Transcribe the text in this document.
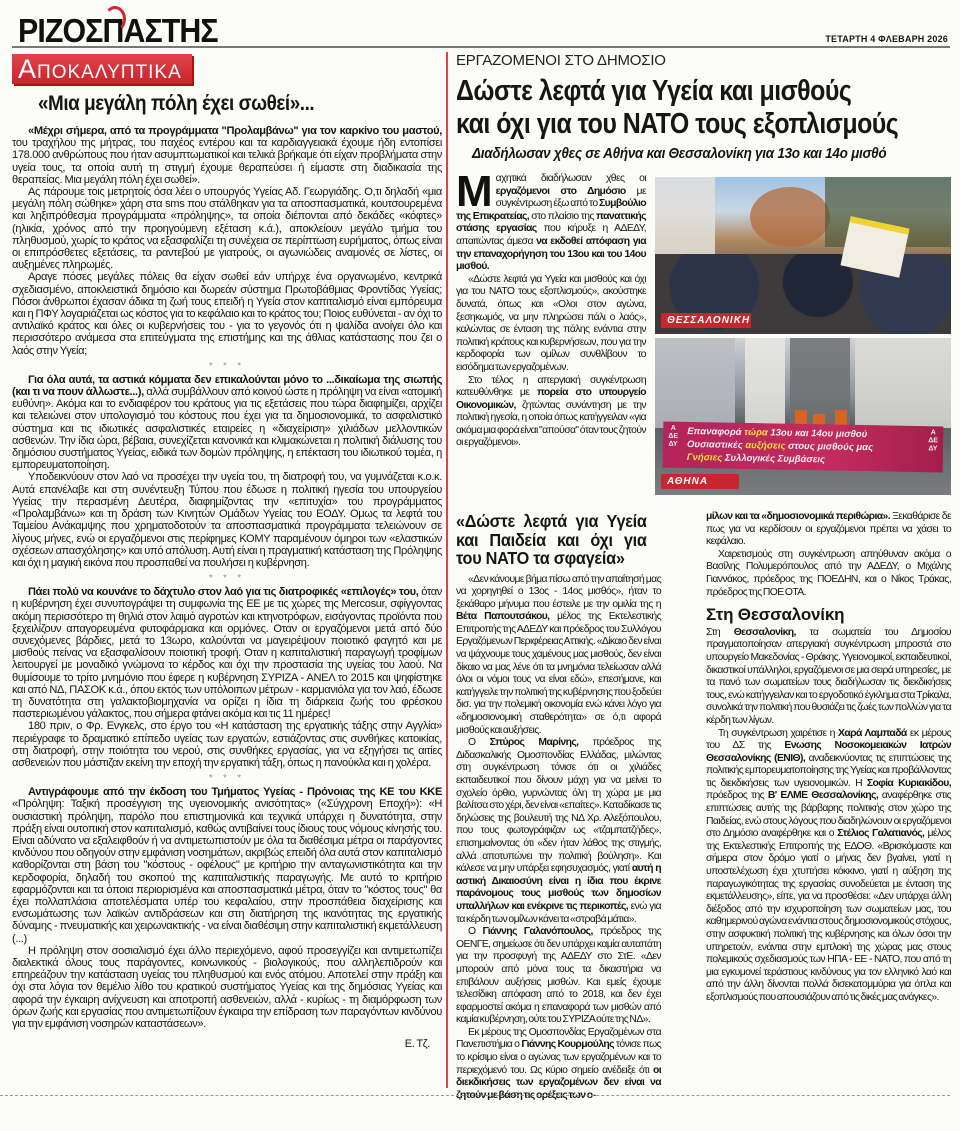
ΡΙΖΟΣΠΑΣΤΗΣ	ΤΕΤΑΡΤΗ 4 ΦΛΕΒΑΡΗ 2026
Αποκαλυπτικα
«Μια μεγάλη πόλη έχει σωθεί»...

«Μέχρι σήμερα, από τα προγράμματα "Προλαμβάνω" για τον καρκίνο του μαστού, του τραχήλου της μήτρας, του παχέος εντέρου και τα καρδιαγγειακά έχουμε ήδη εντοπίσει 178.000 ανθρώπους που ήταν ασυμπτωματικοί και τελικά βρήκαμε ότι είχαν προβλήματα στην υγεία τους, τα οποία αυτή τη στιγμή έχουμε θεραπεύσει ή είμαστε στη διαδικασία της θεραπείας. Μια μεγάλη πόλη έχει σωθεί».

Ας πάρουμε τοις μετρητοίς όσα λέει ο υπουργός Υγείας Αδ. Γεωργιάδης. Ο,τι δηλαδή «μια μεγάλη πόλη σώθηκε» χάρη στα sms που στάλθηκαν για τα αποσπασματικά, κουτσουρεμένα και ληξιπρόθεσμα προγράμματα «πρόληψης», τα οποία διέπονται από δεκάδες «κόφτες» (ηλικία, χρόνος από την προηγούμενη εξέταση κ.ά.), αποκλείουν μεγάλο τμήμα του πληθυσμού, χωρίς το κράτος να εξασφαλίζει τη συνέχεια σε περίπτωση ευρήματος, όπως είναι οι επιπρόσθετες εξετάσεις, τα ραντεβού με γιατρούς, οι αγωνιώδεις αναμονές σε λίστες, οι αυξημένες πληρωμές.

Αραγε πόσες μεγάλες πόλεις θα είχαν σωθεί εάν υπήρχε ένα οργανωμένο, κεντρικά σχεδιασμένο, αποκλειστικά δημόσιο και δωρεάν σύστημα Πρωτοβάθμιας Φροντίδας Υγείας; Πόσοι άνθρωποι έχασαν άδικα τη ζωή τους επειδή η Υγεία στον καπιταλισμό είναι εμπόρευμα και η ΠΦΥ λογαριάζεται ως κόστος για το κεφάλαιο και το κράτος του; Ποιος ευθύνεται - αν όχι το αντιλαϊκό κράτος και όλες οι κυβερνήσεις του - για το γεγονός ότι η ψαλίδα ανοίγει όλο και περισσότερο ανάμεσα στα επιτεύγματα της επιστήμης και της άθλιας κατάστασης που ζει ο λαός στην Υγεία;

* * *

Για όλα αυτά, τα αστικά κόμματα δεν επικαλούνται μόνο το ...δικαίωμα της σιωπής (και τι να πουν άλλωστε...), αλλά συμβάλλουν από κοινού ώστε η πρόληψη να είναι «ατομική ευθύνη». Ακόμα και το ενδιαφέρον του κράτους για τις εξετάσεις που τώρα διαφημίζει, αρχίζει και τελειώνει στον υπολογισμό του κόστους που έχει για τα δημοσιονομικά, το ασφαλιστικό σύστημα και τις ιδιωτικές ασφαλιστικές εταιρείες η «διαχείριση» χιλιάδων μελλοντικών ασθενών. Την ίδια ώρα, βέβαια, συνεχίζεται κανονικά και κλιμακώνεται η πολιτική διάλυσης του δημόσιου συστήματος Υγείας, ειδικά των δομών πρόληψης, η επέκταση του ιδιωτικού τομέα, η εμπορευματοποίηση.

Υποδεικνύουν στον λαό να προσέχει την υγεία του, τη διατροφή του, να γυμνάζεται κ.ο.κ. Αυτά επανέλαβε και στη συνέντευξη Τύπου που έδωσε η πολιτική ηγεσία του υπουργείου Υγείας την περασμένη Δευτέρα, διαφημίζοντας την «επιτυχία» του προγράμματος «Προλαμβάνω» και τη δράση των Κινητών Ομάδων Υγείας του ΕΟΔΥ. Ομως τα λεφτά του Ταμείου Ανάκαμψης που χρηματοδοτούν τα αποσπασματικά προγράμματα τελειώνουν σε λίγους μήνες, ενώ οι εργαζόμενοι στις περίφημες ΚΟΜΥ παραμένουν όμηροι των «ελαστικών σχέσεων απασχόλησης» και υπό απόλυση. Αυτή είναι η πραγματική κατάσταση της Πρόληψης και όχι η μαγική εικόνα που προσπαθεί να πουλήσει η κυβέρνηση.

* * *

Πάει πολύ να κουνάνε το δάχτυλο στον λαό για τις διατροφικές «επιλογές» του, όταν η κυβέρνηση έχει συνυπογράψει τη συμφωνία της ΕΕ με τις χώρες της Mercosur, σφίγγοντας ακόμη περισσότερο τη θηλιά στον λαιμό αγροτών και κτηνοτρόφων, εισάγοντας προϊόντα που ξεχειλίζουν απαγορευμένα φυτοφάρμακα και ορμόνες. Οταν οι εργαζόμενοι μετά από δύο συνεχόμενες βάρδιες, μετά το 13ωρο, καλούνται να μαγειρέψουν ποιοτικό φαγητό και με μισθούς πείνας να εξασφαλίσουν ποιοτική τροφή. Οταν η καπιταλιστική παραγωγή τροφίμων λειτουργεί με μοναδικό γνώμονα το κέρδος και όχι την προστασία της υγείας του λαού. Να θυμίσουμε το τρίτο μνημόνιο που έφερε η κυβέρνηση ΣΥΡΙΖΑ - ΑΝΕΛ το 2015 και ψηφίστηκε και από ΝΔ, ΠΑΣΟΚ κ.ά., όπου εκτός των υπόλοιπων μέτρων - καρμανιόλα για τον λαό, έδωσε τη δυνατότητα στη γαλακτοβιομηχανία να ορίζει η ίδια τη διάρκεια ζωής του φρέσκου παστεριωμένου γάλακτος, που σήμερα φτάνει ακόμα και τις 11 ημέρες!

180 πριν, ο Φρ. Ενγκελς, στο έργο του «Η κατάσταση της εργατικής τάξης στην Αγγλία» περιέγραφε το δραματικό επίπεδο υγείας των εργατών, εστιάζοντας στις συνθήκες κατοικίας, στη διατροφή, στην ποιότητα του νερού, στις συνθήκες εργασίας, για να εξηγήσει τις αιτίες ασθενειών που μάστιζαν εκείνη την εποχή την εργατική τάξη, όπως η πανούκλα και η χολέρα.

* * *

Αντιγράφουμε από την έκδοση του Τμήματος Υγείας - Πρόνοιας της ΚΕ του ΚΚΕ «Πρόληψη: Ταξική προσέγγιση της υγειονομικής ανισότητας» («Σύγχρονη Εποχή»): «Η ουσιαστική πρόληψη, παρόλο που επιστημονικά και τεχνικά υπάρχει η δυνατότητα, στην πράξη είναι ουτοπική στον καπιταλισμό, καθώς αντιβαίνει τους ίδιους τους νόμους κίνησής του. Είναι αδύνατο να εξαλειφθούν ή να αντιμετωπιστούν με όλα τα διαθέσιμα μέτρα οι παράγοντες κινδύνου που οδηγούν στην εμφάνιση νοσημάτων, ακριβώς επειδή όλα αυτά στον καπιταλισμό καθορίζονται στη βάση του "κόστους - οφέλους" με κριτήριο την ανταγωνιστικότητα και την κερδοφορία, δηλαδή του σκοπού της καπιταλιστικής παραγωγής. Με αυτό το κριτήριο εφαρμόζονται και τα όποια περιορισμένα και αποσπασματικά μέτρα, όταν το "κόστος τους" θα έχει πολλαπλάσια αποτελέσματα υπέρ του κεφαλαίου, στην προσπάθεια διαχείρισης και ενσωμάτωσης των λαϊκών αντιδράσεων και στη διατήρηση της ικανότητας της εργατικής δύναμης - πνευματικής και χειρωνακτικής - να είναι διαθέσιμη στην καπιταλιστική εκμετάλλευση (...)

Η πρόληψη στον σοσιαλισμό έχει άλλο περιεχόμενο, αφού προσεγγίζει και αντιμετωπίζει διαλεκτικά όλους τους παράγοντες, κοινωνικούς - βιολογικούς, που αλληλεπιδρούν και επηρεάζουν την κατάσταση υγείας του πληθυσμού και ενός ατόμου. Αποτελεί στην πράξη και όχι στα λόγια τον θεμέλιο λίθο του κρατικού συστήματος Υγείας και της δημόσιας Υγείας και αφορά την έγκαιρη ανίχνευση και αποτροπή ασθενειών, αλλά - κυρίως - τη διαμόρφωση των όρων ζωής και εργασίας που αντιμετωπίζουν έγκαιρα την επίδραση των παραγόντων κινδύνου για την εμφάνιση νοσηρών καταστάσεων».

Ε. Τζ.
ΕΡΓΑΖΟΜΕΝΟΙ ΣΤΟ ΔΗΜΟΣΙΟ
Δώστε λεφτά για Υγεία και μισθούς
και όχι για του ΝΑΤΟ τους εξοπλισμούς
Διαδήλωσαν χθες σε Αθήνα και Θεσσαλονίκη για 13ο και 14ο μισθό
Μ αχητικά διαδήλωσαν χθες οι εργαζόμενοι στο Δημόσιο με συγκέντρωση έξω από το Συμβούλιο της Επικρατείας, στο πλαίσιο της παναττικής στάσης εργασίας που κήρυξε η ΑΔΕΔΥ, απαιτώντας άμεσα να εκδοθεί απόφαση για την επαναχορήγηση του 13ου και του 14ου μισθού.

«Δώστε λεφτά για Υγεία και μισθούς και όχι για του ΝΑΤΟ τους εξοπλισμούς», ακούστηκε δυνατά, όπως και «Ολοι στον αγώνα, ξεσηκωμός, να μην πληρώσει πάλι ο λαός», καλώντας σε ένταση της πάλης ενάντια στην πολιτική κράτους και κυβερνήσεων, που για την κερδοφορία των ομίλων συνθλίβουν το εισόδημα των εργαζομένων.

Στο τέλος η απεργιακή συγκέντρωση κατευθύνθηκε με πορεία στο υπουργείο Οικονομικών, ζητώντας συνάντηση με την πολιτική ηγεσία, η οποία όπως κατήγγειλαν «για ακόμα μια φορά είναι "απούσα" όταν τους ζητούν οι εργαζόμενοι».

ΘΕΣΣΑΛΟΝΙΚΗ
ΑΔΕΔΥ
ΑΔΕΔΥ
Επαναφορά τώρα 13ου και 14ου μισθού
Ουσιαστικές αυξήσεις στους μισθούς μας
Γνήσιες Συλλογικές Συμβάσεις
ΑΘΗΝΑ
«Δώστε λεφτά για Υγεία και Παιδεία και όχι για του ΝΑΤΟ τα σφαγεία»

«Δεν κάνουμε βήμα πίσω από την απαίτησή μας να χορηγηθεί ο 13ος - 14ος μισθός», ήταν το ξεκάθαρο μήνυμα που έστειλε με την ομιλία της η Βέτα Παπουτσάκου, μέλος της Εκτελεστικής Επιτροπής της ΑΔΕΔΥ και πρόεδρος του Συλλόγου Εργαζόμενων Περιφέρειας Αττικής. «Δίκαιο δεν είναι να ψάχνουμε τους χαμένους μας μισθούς, δεν είναι δίκαιο να μας λένε ότι τα μνημόνια τελείωσαν αλλά όλοι οι νόμοι τους να είναι εδώ», επεσήμανε, και κατήγγειλε την πολιτική της κυβέρνησης που ξοδεύει δισ. για την πολεμική οικονομία ενώ κάνει λόγο για «δημοσιονομική σταθερότητα» σε ό,τι αφορά μισθούς και αυξήσεις.

Ο Σπύρος Μαρίνης, πρόεδρος της Διδασκαλικής Ομοσπονδίας Ελλάδας, μιλώντας στη συγκέντρωση τόνισε ότι οι χιλιάδες εκπαιδευτικοί που δίνουν μάχη για να μείνει το σχολείο όρθιο, γυρνώντας όλη τη χώρα με μια βαλίτσα στο χέρι, δεν είναι «επαίτες». Καταδίκασε τις δηλώσεις της βουλευτή της ΝΔ Χρ. Αλεξόπουλου, που τους φωτογράφιζαν ως «τζαμπατζήδες», επισημαίνοντας ότι «δεν ήταν λάθος της στιγμής, αλλά αποτυπώνει την πολιτική βούληση». Και κάλεσε να μην υπάρξει εφησυχασμός, γιατί αυτή η αστική Δικαιοσύνη είναι η ίδια που έκρινε παράνομους τους μισθούς των δημοσίων υπαλλήλων και ενέκρινε τις περικοπές, ενώ για τα κέρδη των ομίλων κάνει τα «στραβά μάτια».

Ο Γιάννης Γαλανόπουλος, πρόεδρος της ΟΕΝΓΕ, σημείωσε ότι δεν υπάρχει καμία αυταπάτη για την προσφυγή της ΑΔΕΔΥ στο ΣτΕ. «Δεν μπορούν από μόνα τους τα δικαστήρια να επιβάλουν αυξήσεις μισθών. Και εμείς έχουμε τελεσίδικη απόφαση από το 2018, και δεν έχει εφαρμοστεί ακόμα η επαναφορά των μισθών από καμία κυβέρνηση, ούτε του ΣΥΡΙΖΑ ούτε της ΝΔ».

Εκ μέρους της Ομοσπονδίας Εργαζομένων στα Πανεπιστήμια ο Γιάννης Κουρμούλης τόνισε πως το κρίσιμο είναι ο αγώνας των εργαζομένων και το περιεχόμενό του. Ως κύριο σημείο ανέδειξε ότι οι διεκδικήσεις των εργαζομένων δεν είναι να ζητούν με βάση τις ορέξεις των ο-

μίλων και τα «δημοσιονομικά περιθώρια». Ξεκαθάρισε δε πως για να κερδίσουν οι εργαζόμενοι πρέπει να χάσει το κεφάλαιο.

Χαιρετισμούς στη συγκέντρωση απηύθυναν ακόμα ο Βασίλης Πολυμερόπουλος από την ΑΔΕΔΥ, ο Μιχάλης Γιαννάκος, πρόεδρος της ΠΟΕΔΗΝ, και ο Νίκος Τράκας, πρόεδρος της ΠΟΕ ΟΤΑ.

Στη Θεσσαλονίκη

Στη Θεσσαλονίκη, τα σωματεία του Δημοσίου πραγματοποίησαν απεργιακή συγκέντρωση μπροστά στο υπουργείο Μακεδονίας - Θράκης. Υγειονομικοί, εκπαιδευτικοί, δικαστικοί υπάλληλοι, εργαζόμενοι σε μια σειρά υπηρεσίες, με τα πανό των σωματείων τους διαδήλωσαν τις διεκδικήσεις τους, ενώ κατήγγειλαν και το εργοδοτικό έγκλημα στα Τρίκαλα, συνολικά την πολιτική που θυσιάζει τις ζωές των πολλών για τα κέρδη των λίγων.

Τη συγκέντρωση χαιρέτισε η Χαρά Λαμπαδά εκ μέρους του ΔΣ της Ενωσης Νοσοκομειακών Ιατρών Θεσσαλονίκης (ΕΝΙΘ), αναδεικνύοντας τις επιπτώσεις της πολιτικής εμπορευματοποίησης της Υγείας και προβάλλοντας τις διεκδικήσεις των υγειονομικών. Η Σοφία Κυριακίδου, πρόεδρος της Β' ΕΛΜΕ Θεσσαλονίκης, αναφέρθηκε στις επιπτώσεις αυτής της βάρβαρης πολιτικής στον χώρο της Παιδείας, ενώ στους λόγους που διαδηλώνουν οι εργαζόμενοι στο Δημόσιο αναφέρθηκε και ο Στέλιος Γαλατιανός, μέλος της Εκτελεστικής Επιτροπής της ΕΔΟΘ. «Βρισκόμαστε και σήμερα στον δρόμο γιατί ο μήνας δεν βγαίνει, γιατί η υποστελέχωση έχει χτυπήσει κόκκινο, γιατί η αύξηση της παραγωγικότητας της εργασίας συνοδεύεται με ένταση της εκμετάλλευσης», είπε, για να προσθέσει: «Δεν υπάρχει άλλη διέξοδος από την ισχυροποίηση των σωματείων μας, του καθημερινού αγώνα ενάντια στους δημοσιονομικούς στόχους, στην ασφυκτική πολιτική της κυβέρνησης και όλων όσοι την υπηρετούν, ενάντια στην εμπλοκή της χώρας μας στους πολεμικούς σχεδιασμούς των ΗΠΑ - ΕΕ - ΝΑΤΟ, που από τη μια εγκυμονεί τεράστιους κινδύνους για τον ελληνικό λαό και από την άλλη δίνονται πολλά δισεκατομμύρια για όπλα και εξοπλισμούς που απουσιάζουν από τις δικές μας ανάγκες».
